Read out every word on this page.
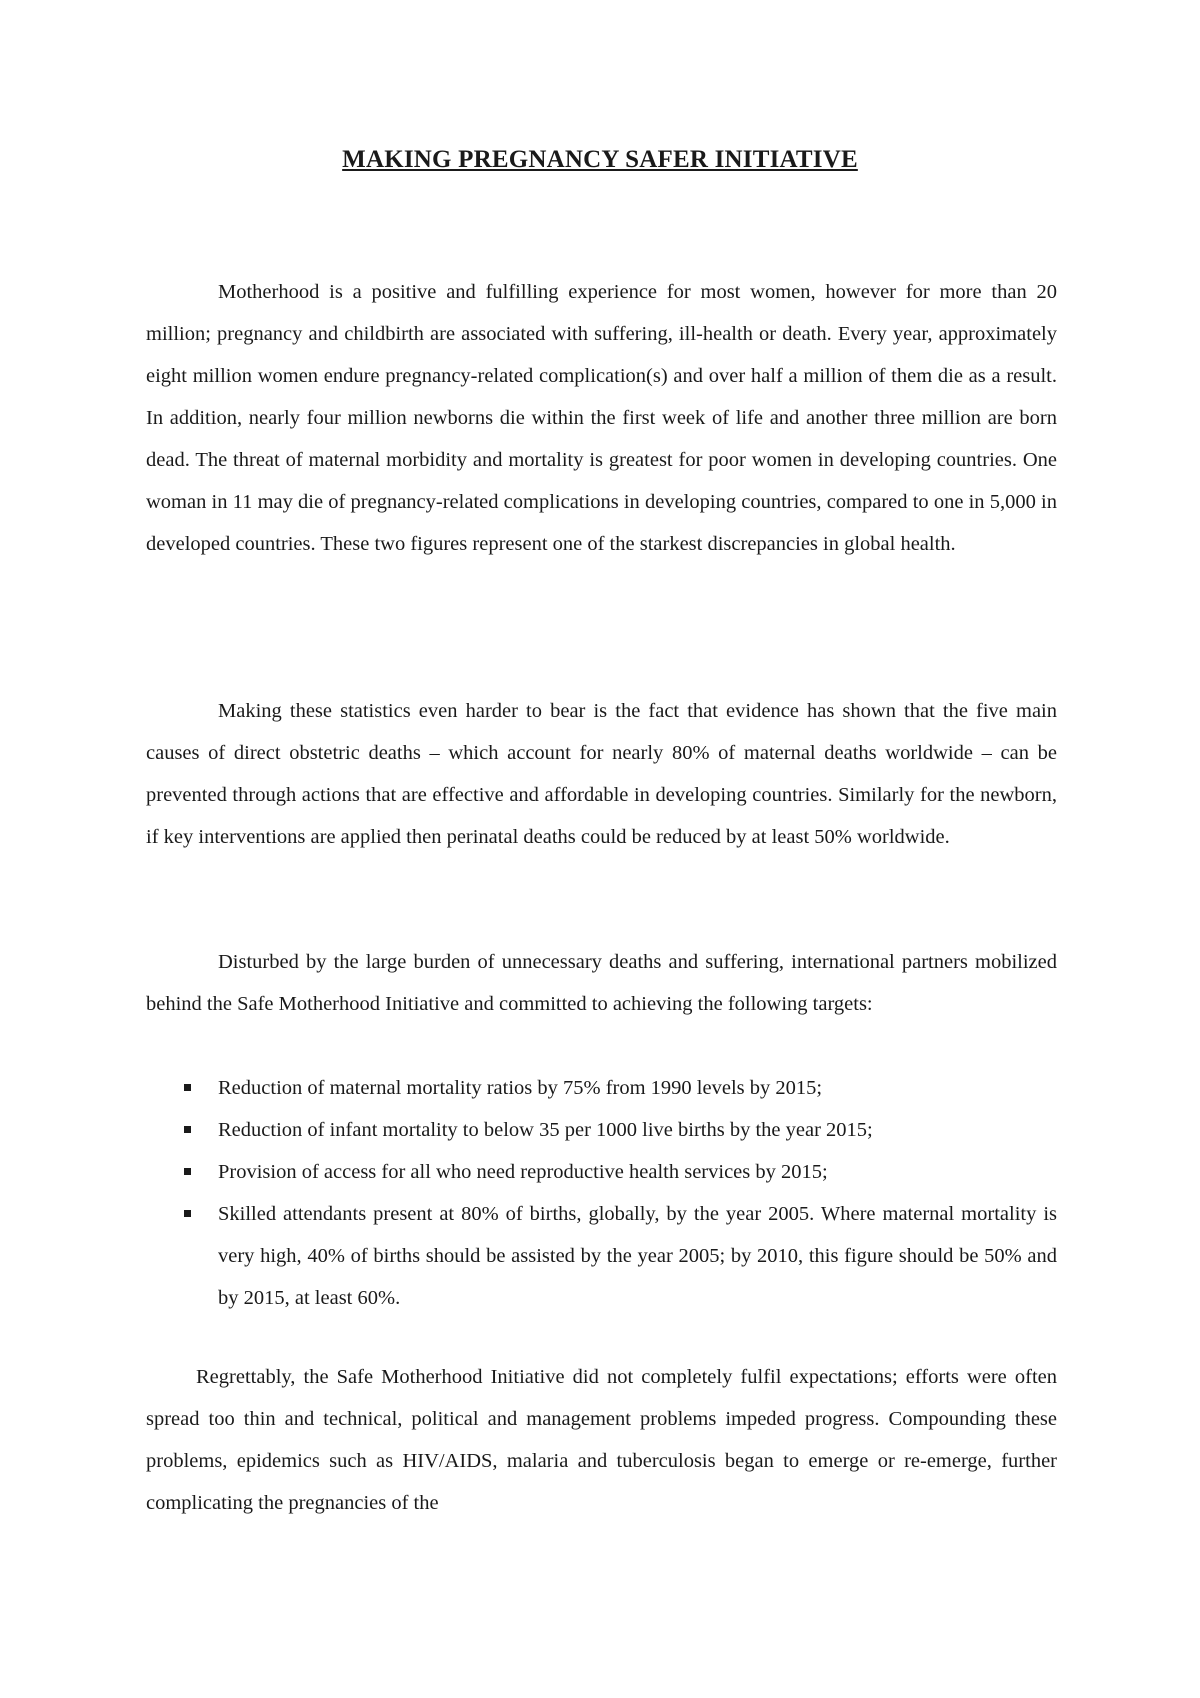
MAKING PREGNANCY SAFER INITIATIVE

Motherhood is a positive and fulfilling experience for most women, however for more than 20 million; pregnancy and childbirth are associated with suffering, ill-health or death. Every year, approximately eight million women endure pregnancy-related complication(s) and over half a million of them die as a result. In addition, nearly four million newborns die within the first week of life and another three million are born dead. The threat of maternal morbidity and mortality is greatest for poor women in developing countries. One woman in 11 may die of pregnancy-related complications in developing countries, compared to one in 5,000 in developed countries. These two figures represent one of the starkest discrepancies in global health.

Making these statistics even harder to bear is the fact that evidence has shown that the five main causes of direct obstetric deaths – which account for nearly 80% of maternal deaths worldwide – can be prevented through actions that are effective and affordable in developing countries. Similarly for the newborn, if key interventions are applied then perinatal deaths could be reduced by at least 50% worldwide.

Disturbed by the large burden of unnecessary deaths and suffering, international partners mobilized behind the Safe Motherhood Initiative and committed to achieving the following targets:

Reduction of maternal mortality ratios by 75% from 1990 levels by 2015;
Reduction of infant mortality to below 35 per 1000 live births by the year 2015;
Provision of access for all who need reproductive health services by 2015;
Skilled attendants present at 80% of births, globally, by the year 2005. Where maternal mortality is very high, 40% of births should be assisted by the year 2005; by 2010, this figure should be 50% and by 2015, at least 60%.

Regrettably, the Safe Motherhood Initiative did not completely fulfil expectations; efforts were often spread too thin and technical, political and management problems impeded progress. Compounding these problems, epidemics such as HIV/AIDS, malaria and tuberculosis began to emerge or re-emerge, further complicating the pregnancies of the
